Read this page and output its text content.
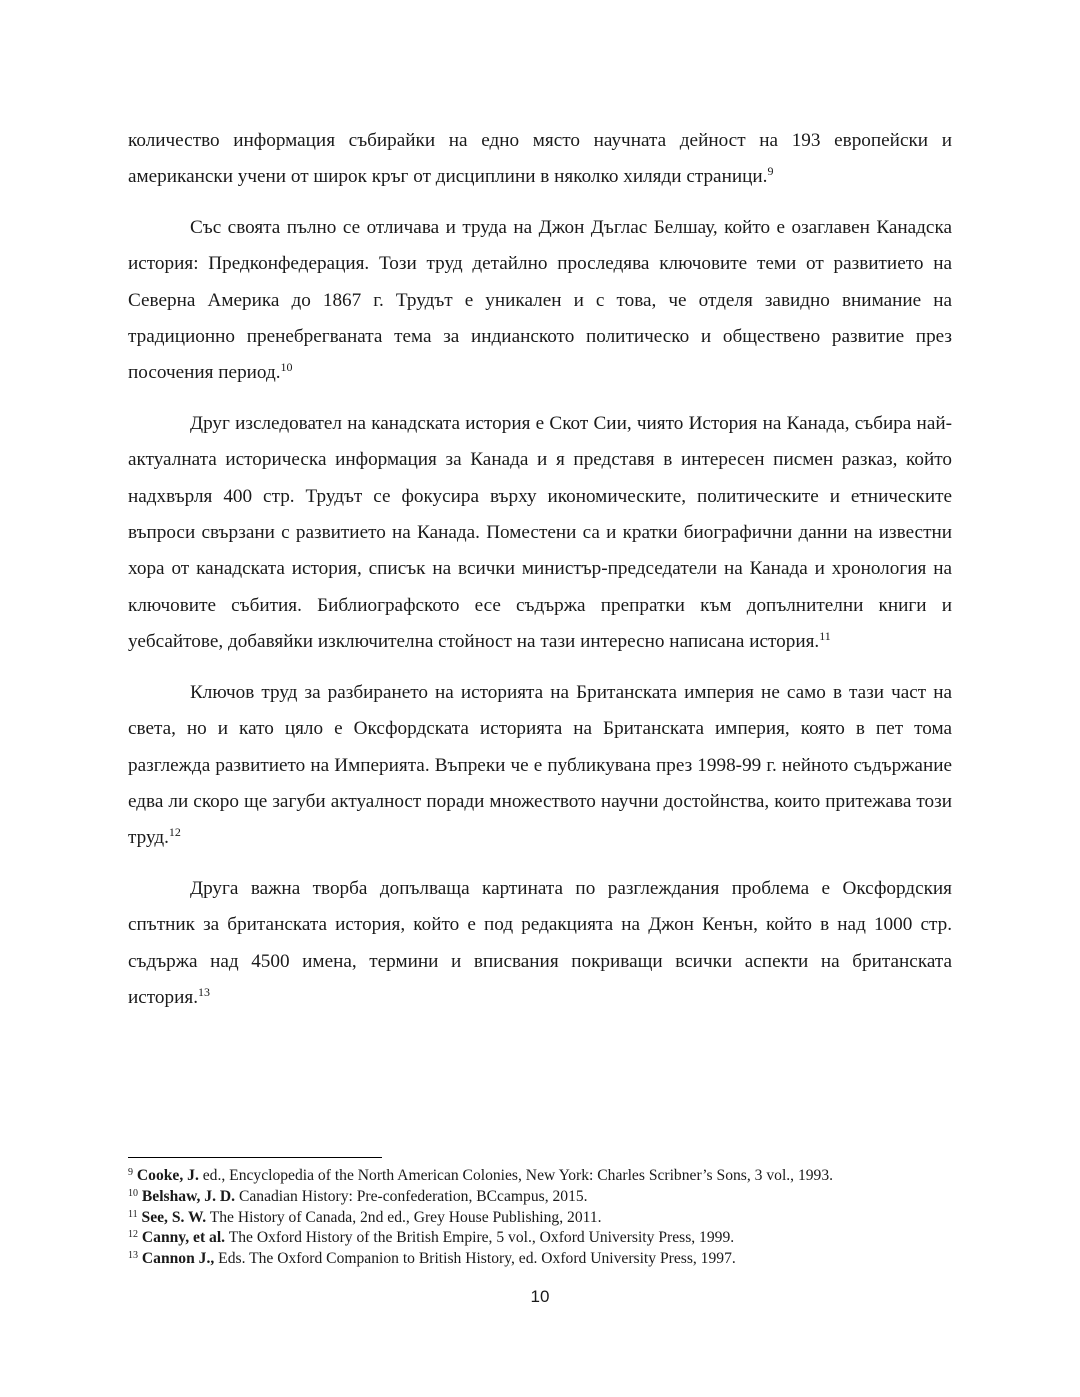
количество информация събирайки на едно място научната дейност на 193 европейски и американски учени от широк кръг от дисциплини в няколко хиляди страници.$^9$

Със своята пълно се отличава и труда на Джон Дъглас Белшау, който е озаглавен Канадска история: Предконфедерация. Този труд детайлно проследява ключовите теми от развитието на Северна Америка до 1867 г. Трудът е уникален и с това, че отделя завидно внимание на традиционно пренебрегваната тема за индианското политическо и обществено развитие през посочения период.$^{10}$

Друг изследовател на канадската история е Скот Сии, чиято История на Канада, събира най-актуалната историческа информация за Канада и я представя в интересен писмен разказ, който надхвърля 400 стр. Трудът се фокусира върху икономическите, политическите и етническите въпроси свързани с развитието на Канада. Поместени са и кратки биографични данни на известни хора от канадската история, списък на всички министър-председатели на Канада и хронология на ключовите събития. Библиографското есе съдържа препратки към допълнителни книги и уебсайтове, добавяйки изключителна стойност на тази интересно написана история.$^{11}$

Ключов труд за разбирането на историята на Британската империя не само в тази част на света, но и като цяло е Оксфордската историята на Британската империя, която в пет тома разглежда развитието на Империята. Въпреки че е публикувана през 1998-99 г. нейното съдържание едва ли скоро ще загуби актуалност поради множеството научни достойнства, които притежава този труд.$^{12}$

Друга важна творба допълваща картината по разглеждания проблема е Оксфордския спътник за британската история, който е под редакцията на Джон Кенън, който в над 1000 стр. съдържа над 4500 имена, термини и вписвания покриващи всички аспекти на британската история.$^{13}$

$^9$ Cooke, J. ed., Encyclopedia of the North American Colonies, New York: Charles Scribner’s Sons, 3 vol., 1993.
$^{10}$ Belshaw, J. D. Canadian History: Pre-confederation, BCcampus, 2015.
$^{11}$ See, S. W. The History of Canada, 2nd ed., Grey House Publishing, 2011.
$^{12}$ Canny, et al. The Oxford History of the British Empire, 5 vol., Oxford University Press, 1999.
$^{13}$ Cannon J., Eds. The Oxford Companion to British History, ed. Oxford University Press, 1997.
10
